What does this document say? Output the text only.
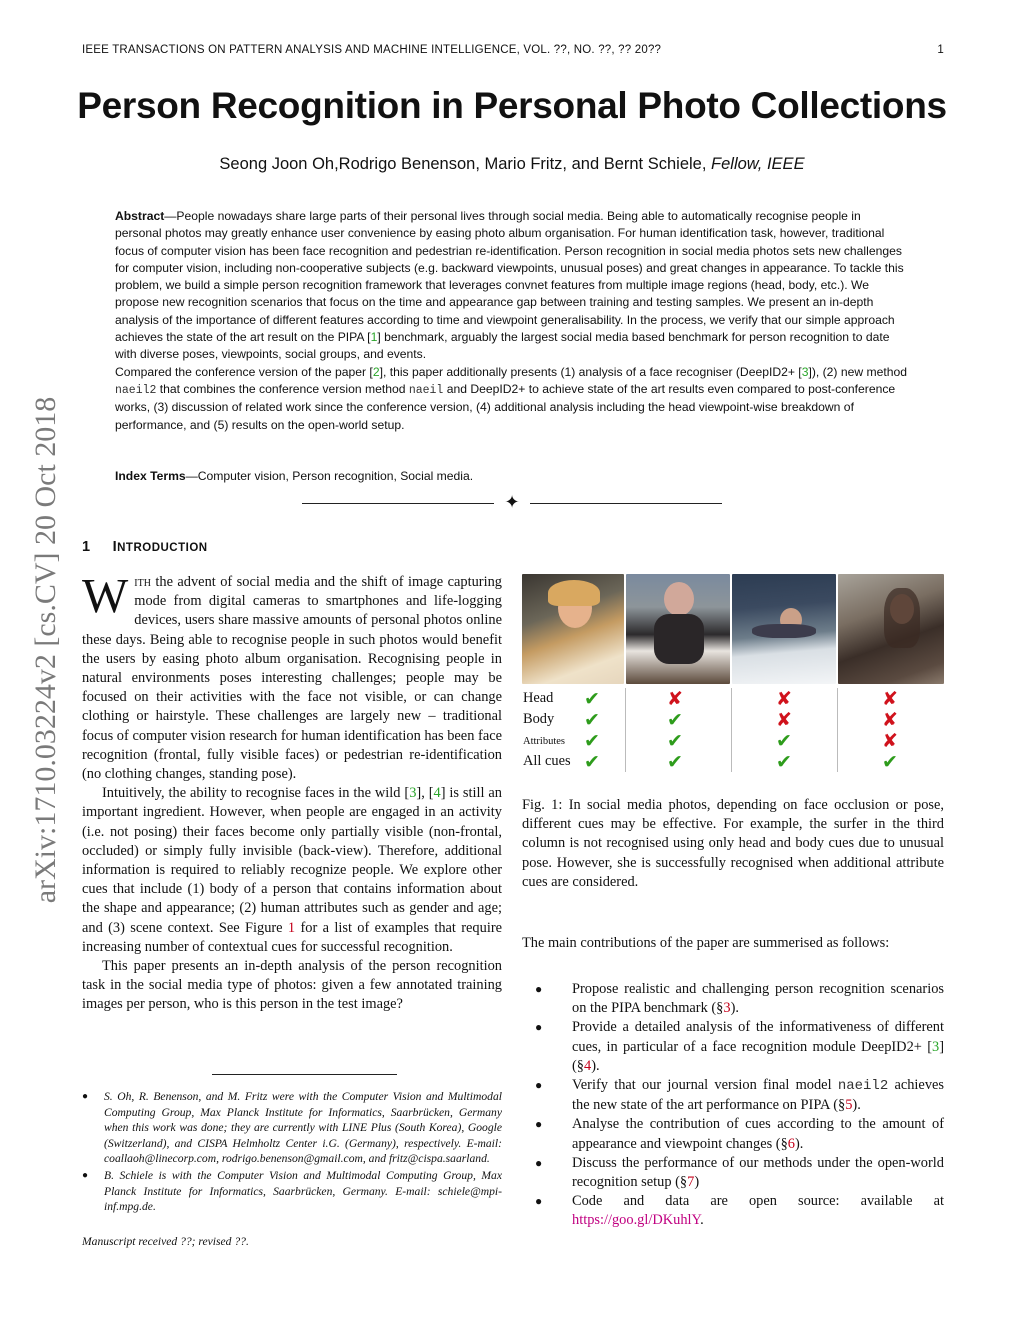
IEEE TRANSACTIONS ON PATTERN ANALYSIS AND MACHINE INTELLIGENCE, VOL. ??, NO. ??, ?? 20??	1
Person Recognition in Personal Photo Collections
Seong Joon Oh,Rodrigo Benenson, Mario Fritz, and Bernt Schiele, Fellow, IEEE

Abstract—People nowadays share large parts of their personal lives through social media. Being able to automatically recognise people in personal photos may greatly enhance user convenience by easing photo album organisation. For human identification task, however, traditional focus of computer vision has been face recognition and pedestrian re-identification. Person recognition in social media photos sets new challenges for computer vision, including non-cooperative subjects (e.g. backward viewpoints, unusual poses) and great changes in appearance. To tackle this problem, we build a simple person recognition framework that leverages convnet features from multiple image regions (head, body, etc.). We propose new recognition scenarios that focus on the time and appearance gap between training and testing samples. We present an in-depth analysis of the importance of different features according to time and viewpoint generalisability. In the process, we verify that our simple approach achieves the state of the art result on the PIPA [1] benchmark, arguably the largest social media based benchmark for person recognition to date with diverse poses, viewpoints, social groups, and events.

Compared the conference version of the paper [2], this paper additionally presents (1) analysis of a face recogniser (DeepID2+ [3]), (2) new method naeil2 that combines the conference version method naeil and DeepID2+ to achieve state of the art results even compared to post-conference works, (3) discussion of related work since the conference version, (4) additional analysis including the head viewpoint-wise breakdown of performance, and (5) results on the open-world setup.

Index Terms—Computer vision, Person recognition, Social media.
✦
arXiv:1710.03224v2 [cs.CV] 20 Oct 2018 1 INTRODUCTION

With the advent of social media and the shift of image capturing mode from digital cameras to smartphones and life-logging devices, users share massive amounts of personal photos online these days. Being able to recognise people in such photos would benefit the users by easing photo album organisation. Recognising people in natural environments poses interesting challenges; people may be focused on their activities with the face not visible, or can change clothing or hairstyle. These challenges are largely new – traditional focus of computer vision research for human identification has been face recognition (frontal, fully visible faces) or pedestrian re-identification (no clothing changes, standing pose).

Intuitively, the ability to recognise faces in the wild [3], [4] is still an important ingredient. However, when people are engaged in an activity (i.e. not posing) their faces become only partially visible (non-frontal, occluded) or simply fully invisible (back-view). Therefore, additional information is required to reliably recognize people. We explore other cues that include (1) body of a person that contains information about the shape and appearance; (2) human attributes such as gender and age; and (3) scene context. See Figure 1 for a list of examples that require increasing number of contextual cues for successful recognition.

This paper presents an in-depth analysis of the person recognition task in the social media type of photos: given a few annotated training images per person, who is this person in the test image?

● S. Oh, R. Benenson, and M. Fritz were with the Computer Vision and Multimodal Computing Group, Max Planck Institute for Informatics, Saarbrücken, Germany when this work was done; they are currently with LINE Plus (South Korea), Google (Switzerland), and CISPA Helmholtz Center i.G. (Germany), respectively. E-mail: coallaoh@linecorp.com, rodrigo.benenson@gmail.com, and fritz@cispa.saarland.
● B. Schiele is with the Computer Vision and Multimodal Computing Group, Max Planck Institute for Informatics, Saarbrücken, Germany. E-mail: schiele@mpi-inf.mpg.de.
Manuscript received ??; revised ??.
Head ✔	✘	✘	✘
Body ✔	✔	✘	✘
Attributes ✔	✔	✔	✘
All cues ✔	✔	✔	✔

Fig. 1: In social media photos, depending on face occlusion or pose, different cues may be effective. For example, the surfer in the third column is not recognised using only head and body cues due to unusual pose. However, she is successfully recognised when additional attribute cues are considered.

The main contributions of the paper are summerised as follows:

● Propose realistic and challenging person recognition scenarios on the PIPA benchmark (§3).
● Provide a detailed analysis of the informativeness of different cues, in particular of a face recognition module DeepID2+ [3] (§4).
● Verify that our journal version final model naeil2 achieves the new state of the art performance on PIPA (§5).
● Analyse the contribution of cues according to the amount of appearance and viewpoint changes (§6).
● Discuss the performance of our methods under the open-world recognition setup (§7)
● Code and data are open source: available at https://goo.gl/DKuhlY.
